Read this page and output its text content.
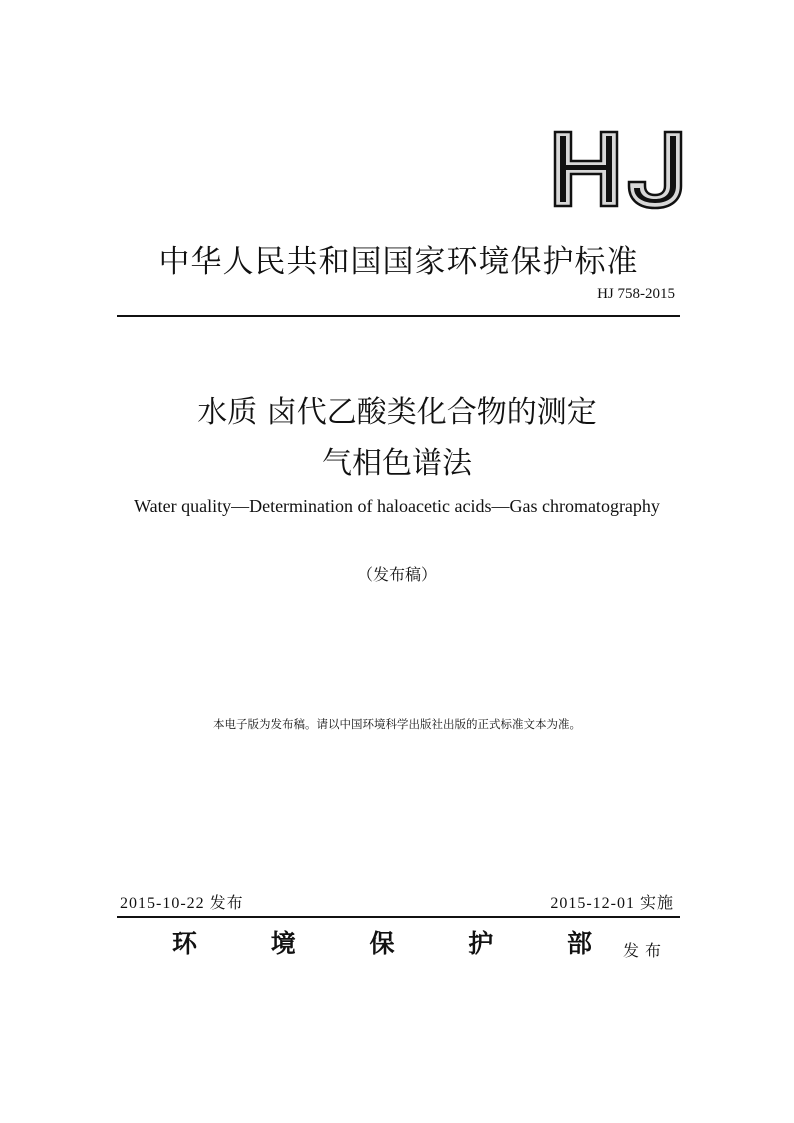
中华人民共和国国家环境保护标准
HJ 758-2015
水质 卤代乙酸类化合物的测定
气相色谱法
Water quality—Determination of haloacetic acids—Gas chromatography
（发布稿）
本电子版为发布稿。请以中国环境科学出版社出版的正式标准文本为准。
2015-10-22 发布	2015-12-01 实施
环	境	保	护	部 发布
